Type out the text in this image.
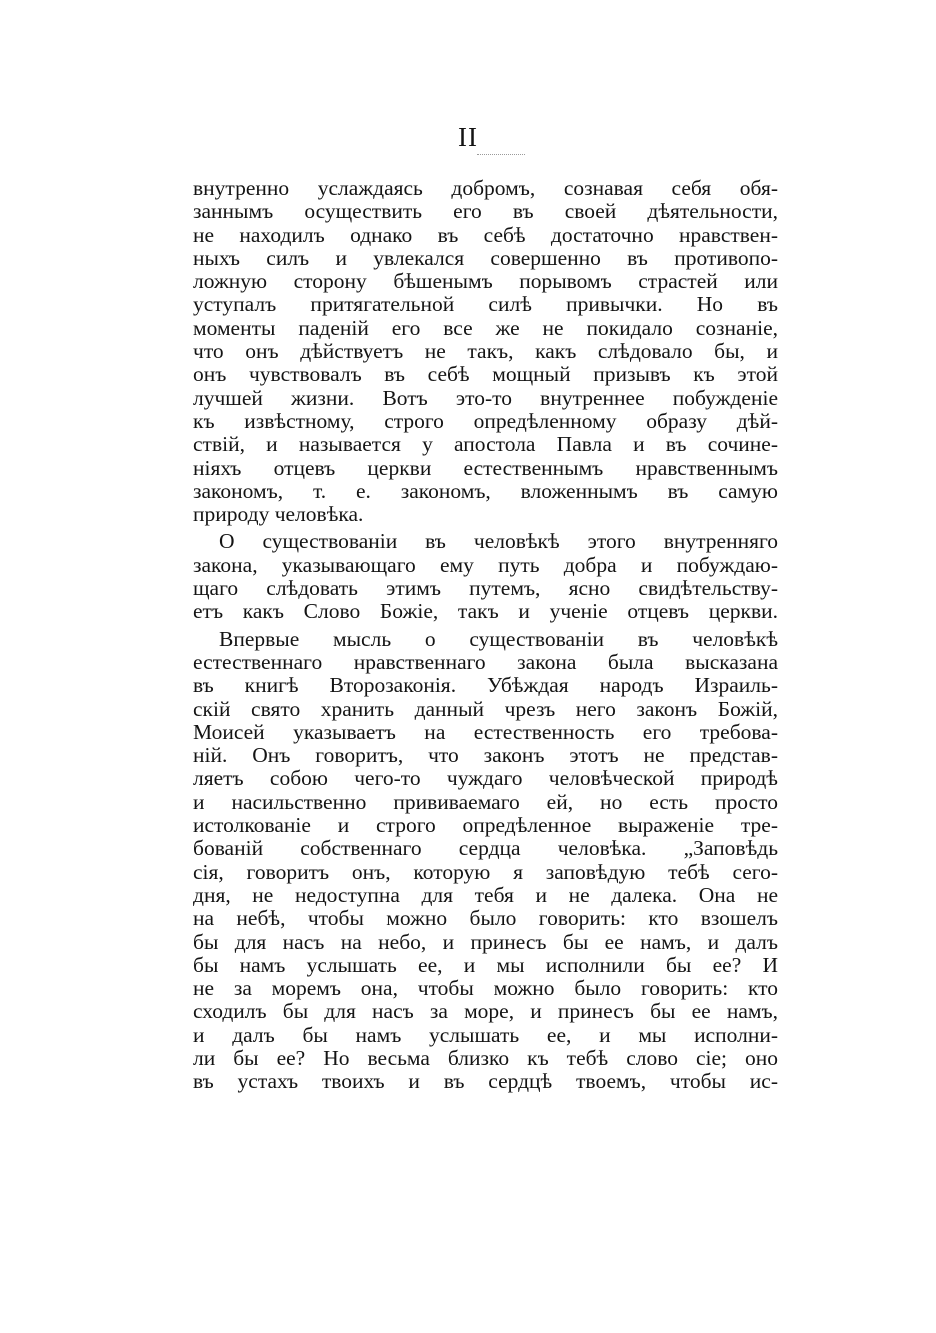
II
внутренно услаждаясь добромъ, сознавая себя обя-
заннымъ осуществить его въ своей дѣятельности,
не находилъ однако въ себѣ достаточно нравствен-
ныхъ силъ и увлекался совершенно въ противопо-
ложную сторону бѣшенымъ порывомъ страстей или
уступалъ притягательной силѣ привычки. Но въ
моменты паденій его все же не покидало сознаніе,
что онъ дѣйствуетъ не такъ, какъ слѣдовало бы, и
онъ чувствовалъ въ себѣ мощный призывъ къ этой
лучшей жизни. Вотъ это-то внутреннее побужденіе
къ извѣстному, строго опредѣленному образу дѣй-
ствій, и называется у апостола Павла и въ сочине-
ніяхъ отцевъ церкви естественнымъ нравственнымъ
закономъ, т. е. закономъ, вложеннымъ въ самую
природу человѣка.
О существованіи въ человѣкѣ этого внутренняго
закона, указывающаго ему путь добра и побуждаю-
щаго слѣдовать этимъ путемъ, ясно свидѣтельству-
етъ какъ Слово Божіе, такъ и ученіе отцевъ церкви.
Впервые мысль о существованіи въ человѣкѣ
естественнаго нравственнаго закона была высказана
въ книгѣ Второзаконія. Убѣждая народъ Израиль-
скій свято хранить данный чрезъ него законъ Божій,
Моисей указываетъ на естественность его требова-
ній. Онъ говоритъ, что законъ этотъ не представ-
ляетъ собою чего-то чуждаго человѣческой природѣ
и насильственно прививаемаго ей, но есть просто
истолкованіе и строго опредѣленное выраженіе тре-
бованій собственнаго сердца человѣка. „Заповѣдь
сія, говоритъ онъ, которую я заповѣдую тебѣ сего-
дня, не недоступна для тебя и не далека. Она не
на небѣ, чтобы можно было говорить: кто взошелъ
бы для насъ на небо, и принесъ бы ее намъ, и далъ
бы намъ услышать ее, и мы исполнили бы ее? И
не за моремъ она, чтобы можно было говорить: кто
сходилъ бы для насъ за море, и принесъ бы ее намъ,
и далъ бы намъ услышать ее, и мы исполни-
ли бы ее? Но весьма близко къ тебѣ слово сіе; оно
въ устахъ твоихъ и въ сердцѣ твоемъ, чтобы ис-
